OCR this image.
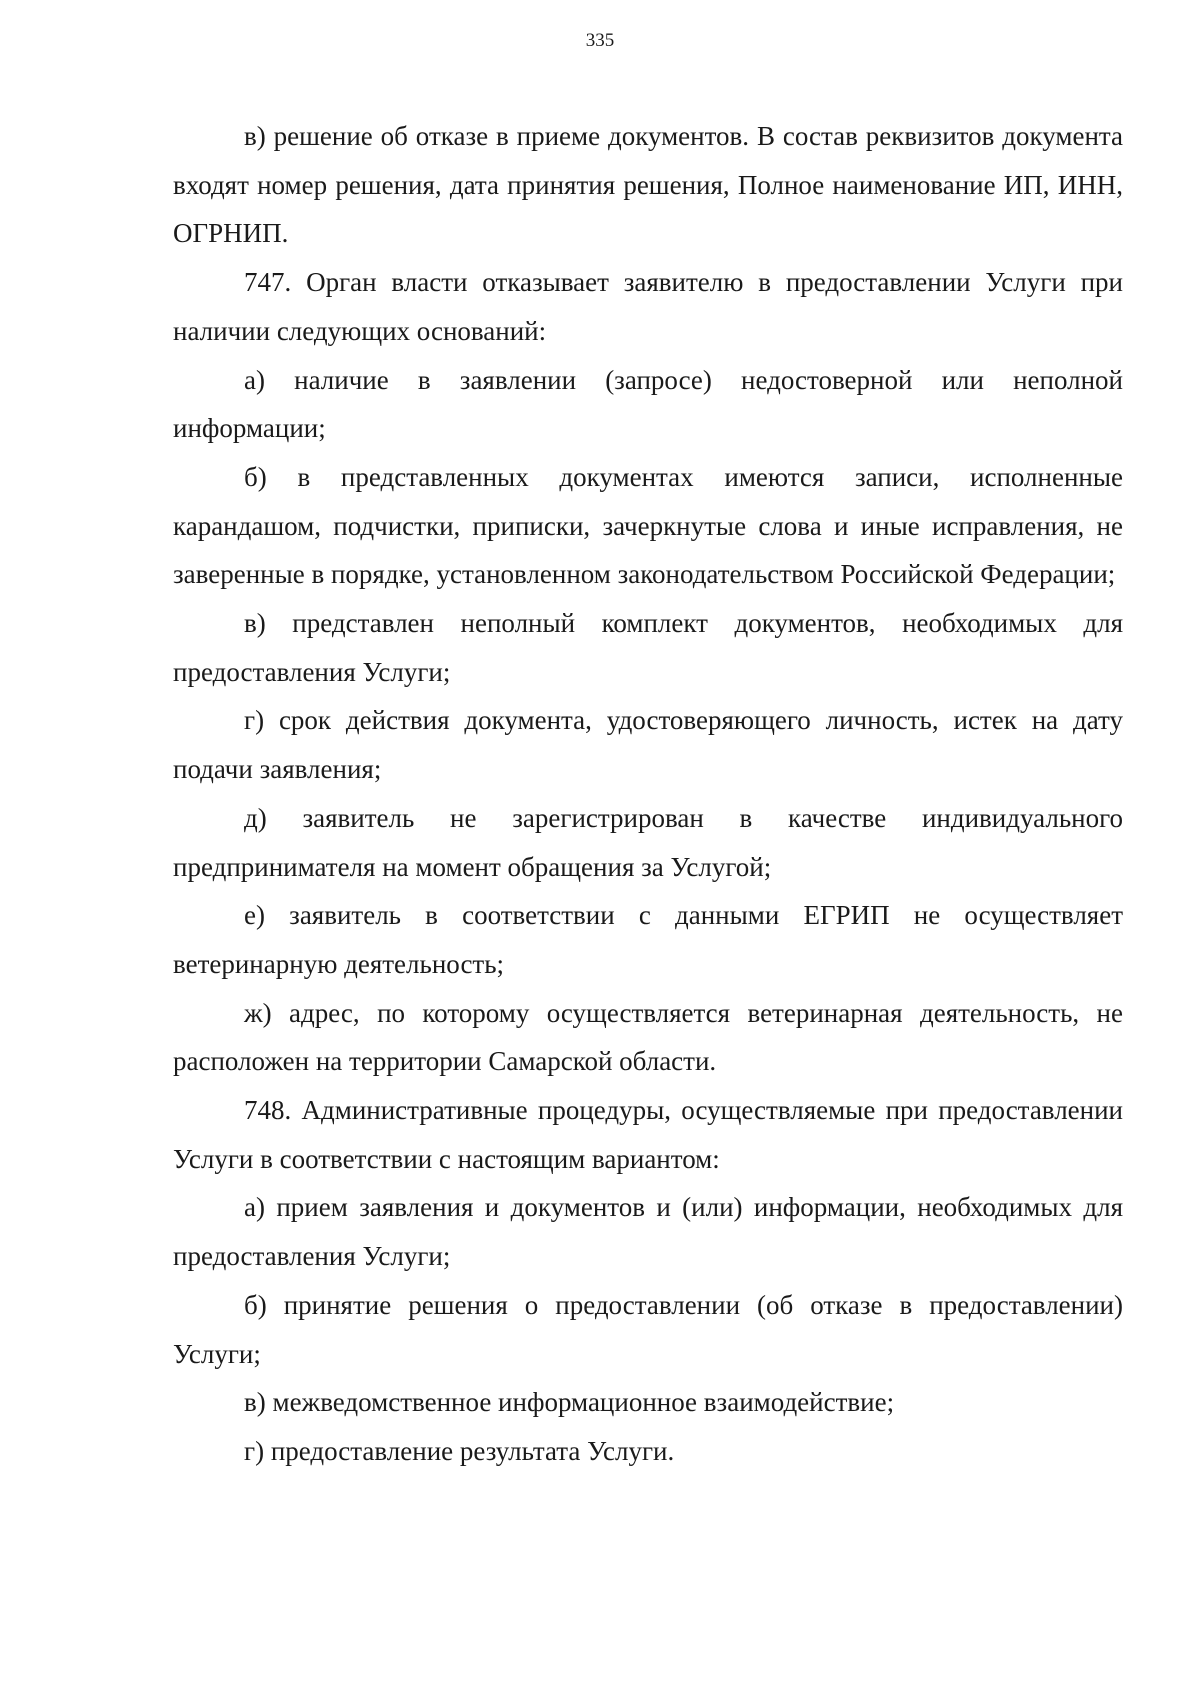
335

в) решение об отказе в приеме документов. В состав реквизитов документа входят номер решения, дата принятия решения, Полное наименование ИП, ИНН, ОГРНИП.

747. Орган власти отказывает заявителю в предоставлении Услуги при наличии следующих оснований:

а) наличие в заявлении (запросе) недостоверной или неполной информации;

б) в представленных документах имеются записи, исполненные карандашом, подчистки, приписки, зачеркнутые слова и иные исправления, не заверенные в порядке, установленном законодательством Российской Федерации;

в) представлен неполный комплект документов, необходимых для предоставления Услуги;

г) срок действия документа, удостоверяющего личность, истек на дату подачи заявления;

д) заявитель не зарегистрирован в качестве индивидуального предпринимателя на момент обращения за Услугой;

е) заявитель в соответствии с данными ЕГРИП не осуществляет ветеринарную деятельность;

ж) адрес, по которому осуществляется ветеринарная деятельность, не расположен на территории Самарской области.

748. Административные процедуры, осуществляемые при предоставлении Услуги в соответствии с настоящим вариантом:

а) прием заявления и документов и (или) информации, необходимых для предоставления Услуги;

б) принятие решения о предоставлении (об отказе в предоставлении) Услуги;

в) межведомственное информационное взаимодействие;

г) предоставление результата Услуги.
